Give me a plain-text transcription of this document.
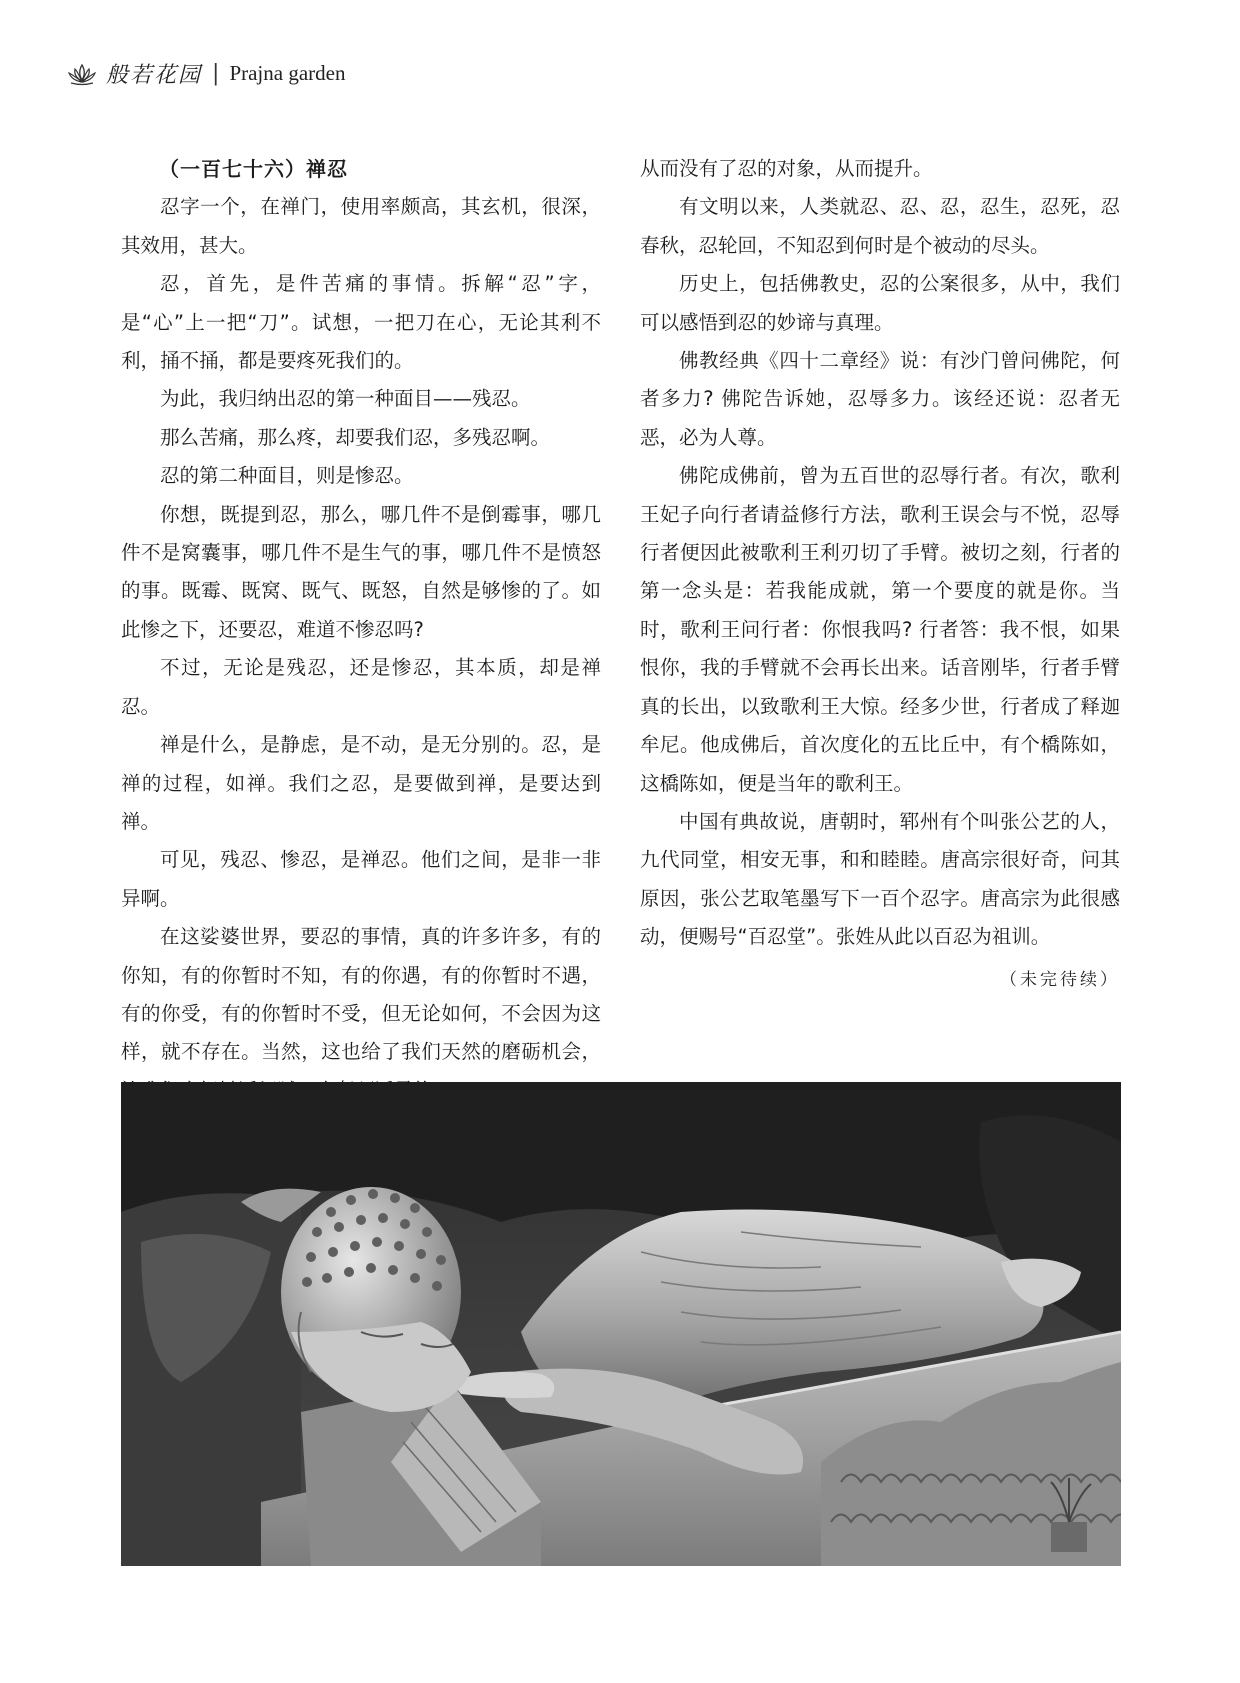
般若花园 | Prajna garden
（一百七十六）禅忍

忍字一个，在禅门，使用率颇高，其玄机，很深，其效用，甚大。

忍，首先，是件苦痛的事情。拆解“忍”字，是“心”上一把“刀”。试想，一把刀在心，无论其利不利，捅不捅，都是要疼死我们的。

为此，我归纳出忍的第一种面目——残忍。

那么苦痛，那么疼，却要我们忍，多残忍啊。

忍的第二种面目，则是惨忍。

你想，既提到忍，那么，哪几件不是倒霉事，哪几件不是窝囊事，哪几件不是生气的事，哪几件不是愤怒的事。既霉、既窝、既气、既怒，自然是够惨的了。如此惨之下，还要忍，难道不惨忍吗?

不过，无论是残忍，还是惨忍，其本质，却是禅忍。

禅是什么，是静虑，是不动，是无分别的。忍，是禅的过程，如禅。我们之忍，是要做到禅，是要达到禅。

可见，残忍、惨忍，是禅忍。他们之间，是非一非异啊。

在这娑婆世界，要忍的事情，真的许多许多，有的你知，有的你暂时不知，有的你遇，有的你暂时不遇，有的你受，有的你暂时不受，但无论如何，不会因为这样，就不存在。当然，这也给了我们天然的磨砺机会，

从而没有了忍的对象，从而提升。

有文明以来，人类就忍、忍、忍，忍生，忍死，忍春秋，忍轮回，不知忍到何时是个被动的尽头。

历史上，包括佛教史，忍的公案很多，从中，我们可以感悟到忍的妙谛与真理。

佛教经典《四十二章经》说：有沙门曾问佛陀，何者多力? 佛陀告诉她，忍辱多力。该经还说：忍者无恶，必为人尊。

佛陀成佛前，曾为五百世的忍辱行者。有次，歌利王妃子向行者请益修行方法，歌利王误会与不悦，忍辱行者便因此被歌利王利刃切了手臂。被切之刻，行者的第一念头是：若我能成就，第一个要度的就是你。当时，歌利王问行者：你恨我吗? 行者答：我不恨，如果恨你，我的手臂就不会再长出来。话音刚毕，行者手臂真的长出，以致歌利王大惊。经多少世，行者成了释迦牟尼。他成佛后，首次度化的五比丘中，有个橋陈如，这橋陈如，便是当年的歌利王。

中国有典故说，唐朝时，郓州有个叫张公艺的人，九代同堂，相安无事，和和睦睦。唐高宗很好奇，问其原因，张公艺取笔墨写下一百个忍字。唐高宗为此很感动，便赐号“百忍堂”。张姓从此以百忍为祖训。

（未完待续）
